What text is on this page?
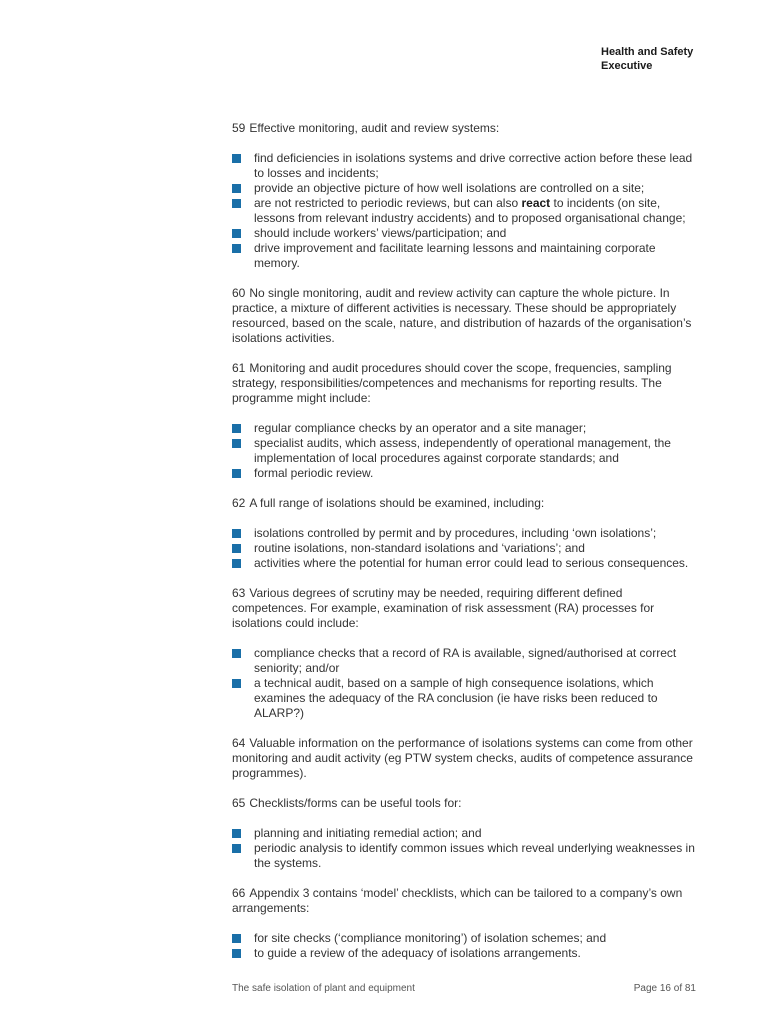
Health and Safety
Executive

59 Effective monitoring, audit and review systems:

find deficiencies in isolations systems and drive corrective action before these lead to losses and incidents;
provide an objective picture of how well isolations are controlled on a site;
are not restricted to periodic reviews, but can also react to incidents (on site, lessons from relevant industry accidents) and to proposed organisational change;
should include workers’ views/participation; and
drive improvement and facilitate learning lessons and maintaining corporate memory.

60 No single monitoring, audit and review activity can capture the whole picture. In practice, a mixture of different activities is necessary. These should be appropriately resourced, based on the scale, nature, and distribution of hazards of the organisation’s isolations activities.

61 Monitoring and audit procedures should cover the scope, frequencies, sampling strategy, responsibilities/competences and mechanisms for reporting results. The programme might include:

regular compliance checks by an operator and a site manager;
specialist audits, which assess, independently of operational management, the implementation of local procedures against corporate standards; and
formal periodic review.

62 A full range of isolations should be examined, including:

isolations controlled by permit and by procedures, including ‘own isolations’;
routine isolations, non-standard isolations and ‘variations’; and
activities where the potential for human error could lead to serious consequences.

63 Various degrees of scrutiny may be needed, requiring different defined competences. For example, examination of risk assessment (RA) processes for isolations could include:

compliance checks that a record of RA is available, signed/authorised at correct seniority; and/or
a technical audit, based on a sample of high consequence isolations, which examines the adequacy of the RA conclusion (ie have risks been reduced to ALARP?)

64 Valuable information on the performance of isolations systems can come from other monitoring and audit activity (eg PTW system checks, audits of competence assurance programmes).

65 Checklists/forms can be useful tools for:

planning and initiating remedial action; and
periodic analysis to identify common issues which reveal underlying weaknesses in the systems.

66 Appendix 3 contains ‘model’ checklists, which can be tailored to a company’s own arrangements:

for site checks (‘compliance monitoring’) of isolation schemes; and
to guide a review of the adequacy of isolations arrangements.
The safe isolation of plant and equipment	Page 16 of 81
